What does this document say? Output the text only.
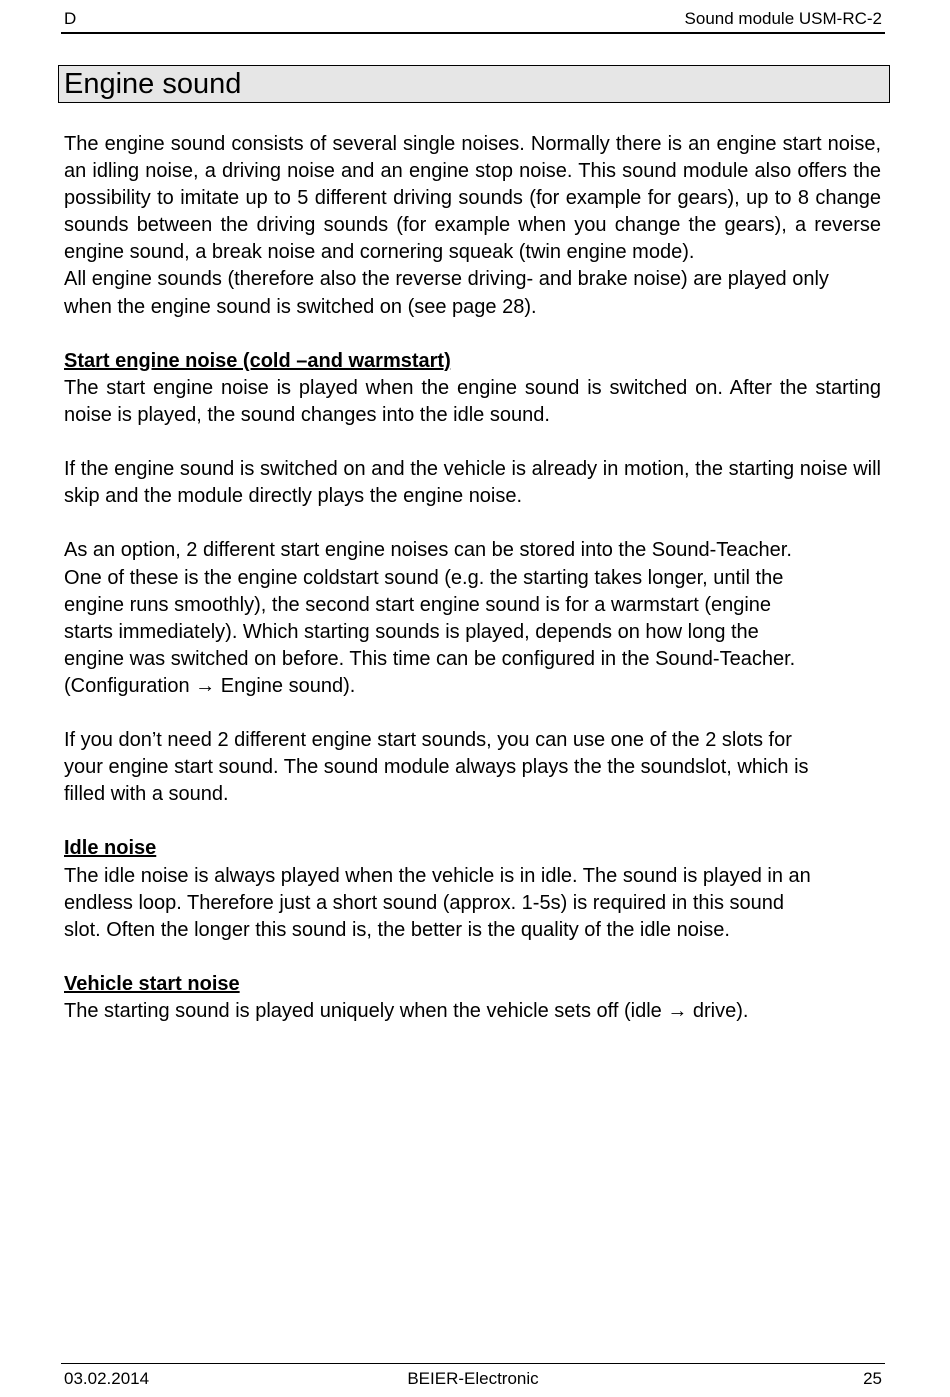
D	Sound module USM-RC-2
Engine sound

The engine sound consists of several single noises. Normally there is an engine start noise, an idling noise, a driving noise and an engine stop noise. This sound module also offers the possibility to imitate up to 5 different driving sounds (for example for gears), up to 8 change sounds between the driving sounds (for example when you change the gears), a reverse engine sound, a break noise and cornering squeak (twin engine mode).

All engine sounds (therefore also the reverse driving- and brake noise) are played only when the engine sound is switched on (see page 28).

Start engine noise (cold –and warmstart)

The start engine noise is played when the engine sound is switched on. After the starting noise is played, the sound changes into the idle sound.

If the engine sound is switched on and the vehicle is already in motion, the starting noise will skip and the module directly plays the engine noise.

As an option, 2 different start engine noises can be stored into the Sound-Teacher.
One of these is the engine coldstart sound (e.g. the starting takes longer, until the
engine runs smoothly), the second start engine sound is for a warmstart (engine
starts immediately). Which starting sounds is played, depends on how long the
engine was switched on before. This time can be configured in the Sound-Teacher.
(Configuration → Engine sound).
If you don’t need 2 different engine start sounds, you can use one of the 2 slots for
your engine start sound. The sound module always plays the the soundslot, which is
filled with a sound.

Idle noise

The idle noise is always played when the vehicle is in idle. The sound is played in an
endless loop. Therefore just a short sound (approx. 1-5s) is required in this sound
slot. Often the longer this sound is, the better is the quality of the idle noise.

Vehicle start noise

The starting sound is played uniquely when the vehicle sets off (idle → drive).

03.02.2014	BEIER-Electronic	25
